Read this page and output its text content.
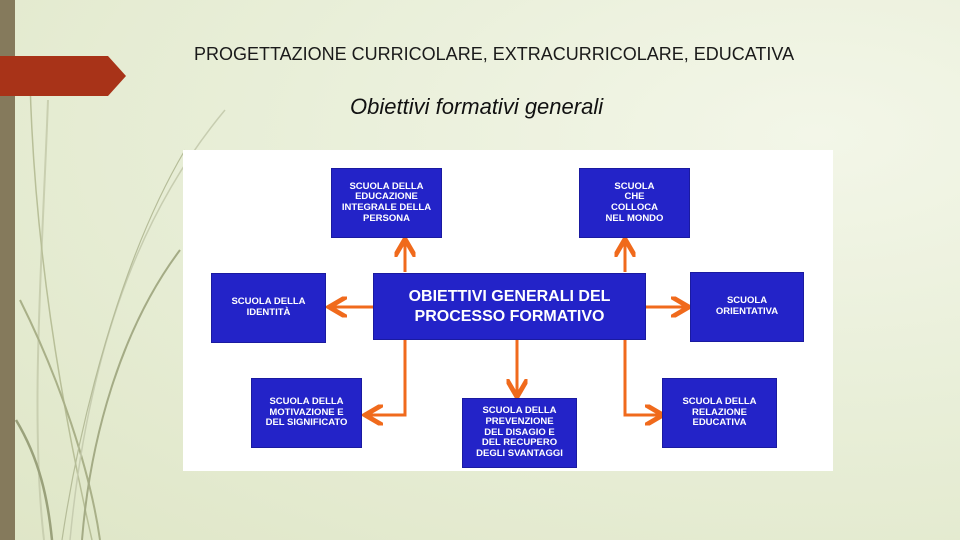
PROGETTAZIONE CURRICOLARE, EXTRACURRICOLARE, EDUCATIVA
Obiettivi formativi generali
SCUOLA DELLA
EDUCAZIONE
INTEGRALE DELLA
PERSONA
SCUOLA
CHE
COLLOCA
NEL MONDO
SCUOLA DELLA
IDENTITÀ
OBIETTIVI GENERALI DEL
PROCESSO FORMATIVO
SCUOLA
ORIENTATIVA
SCUOLA DELLA
MOTIVAZIONE E
DEL SIGNIFICATO
SCUOLA DELLA
PREVENZIONE
DEL DISAGIO E
DEL RECUPERO
DEGLI SVANTAGGI
SCUOLA DELLA
RELAZIONE
EDUCATIVA
